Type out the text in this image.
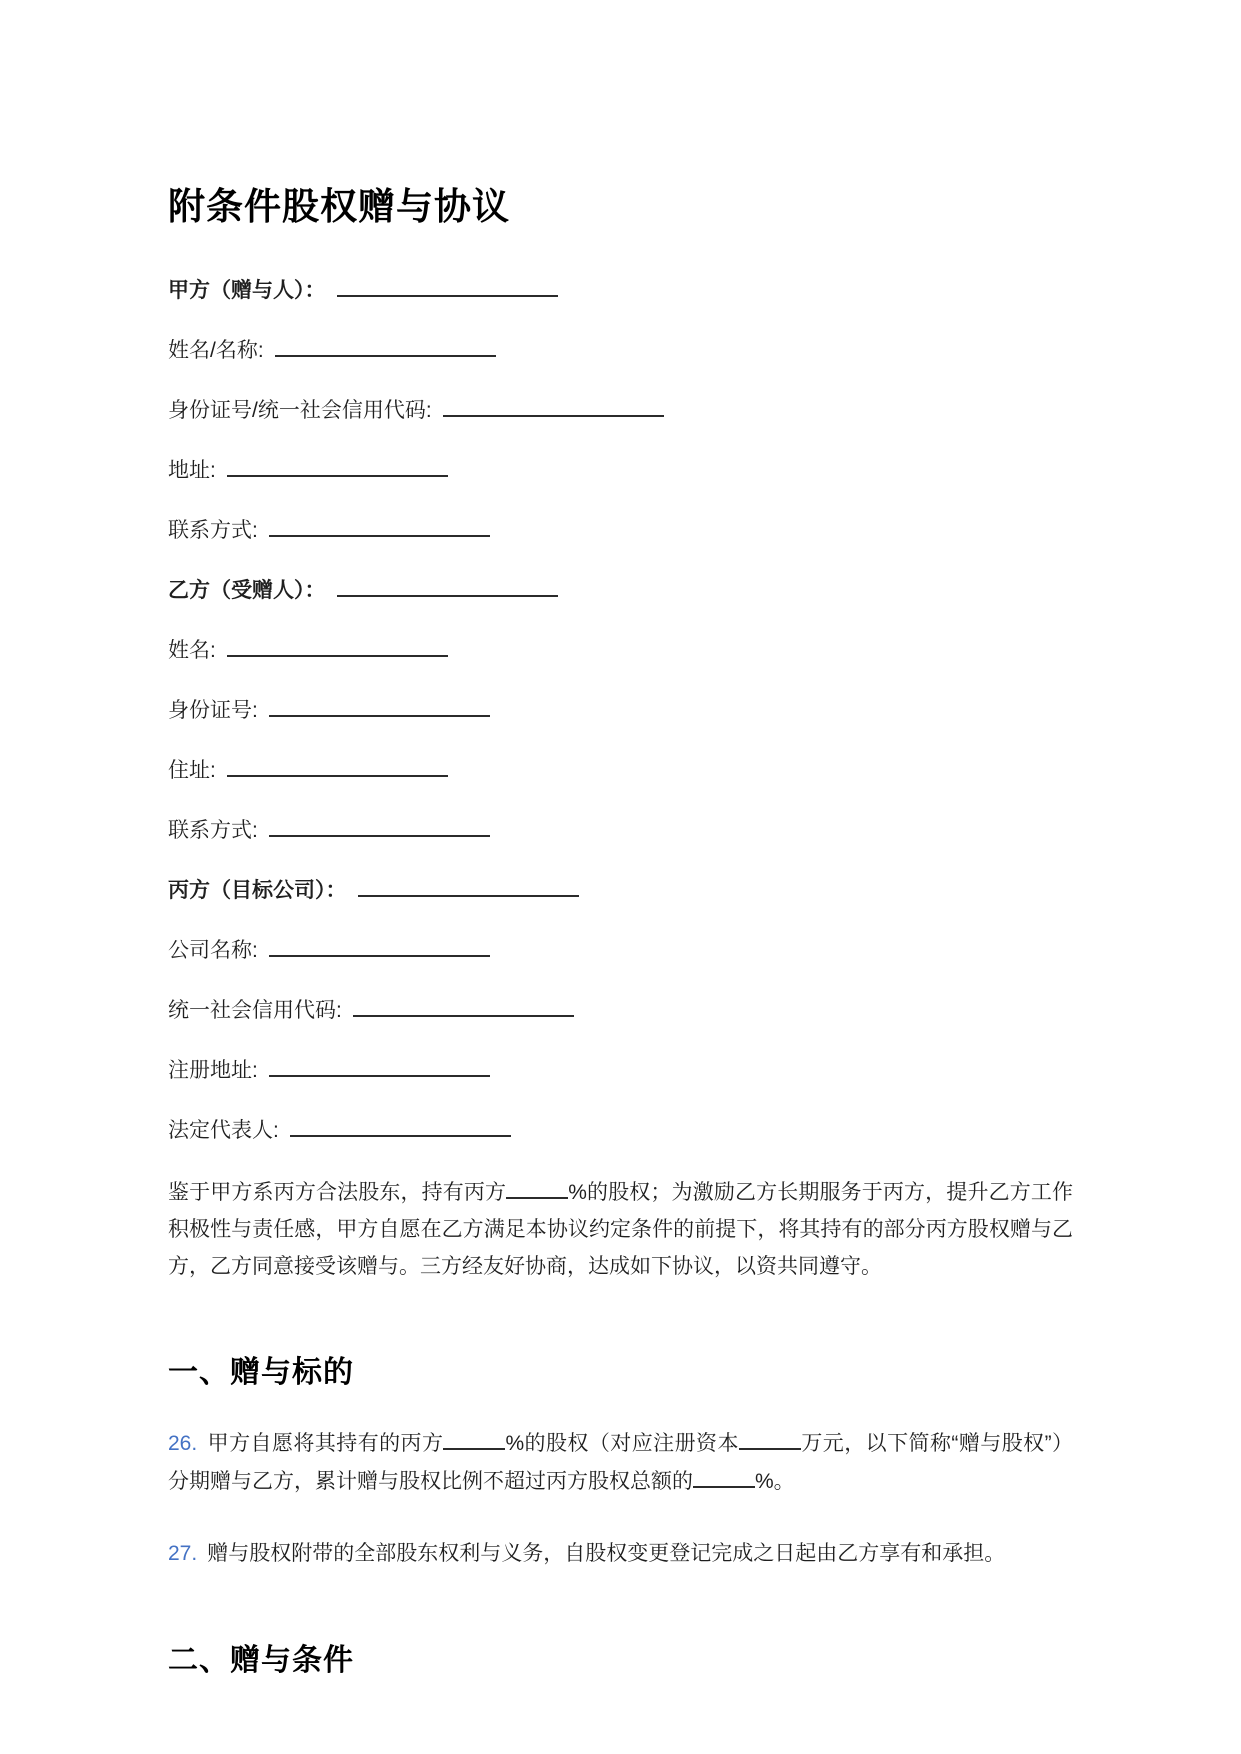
附条件股权赠与协议
甲方（赠与人）：
姓名/名称:
身份证号/统一社会信用代码:
地址:
联系方式:
乙方（受赠人）：
姓名:
身份证号:
住址:
联系方式:
丙方（目标公司）：
公司名称:
统一社会信用代码:
注册地址:
法定代表人:

鉴于甲方系丙方合法股东，持有丙方	%的股权；为激励乙方长期服务于丙方，提升乙方工作积极性与责任感，甲方自愿在乙方满足本协议约定条件的前提下，将其持有的部分丙方股权赠与乙方，乙方同意接受该赠与。三方经友好协商，达成如下协议，以资共同遵守。

一、赠与标的

26. 甲方自愿将其持有的丙方	%的股权（对应注册资本	万元，以下简称“赠与股权”）分期赠与乙方，累计赠与股权比例不超过丙方股权总额的	%。

27. 赠与股权附带的全部股东权利与义务，自股权变更登记完成之日起由乙方享有和承担。

二、赠与条件
